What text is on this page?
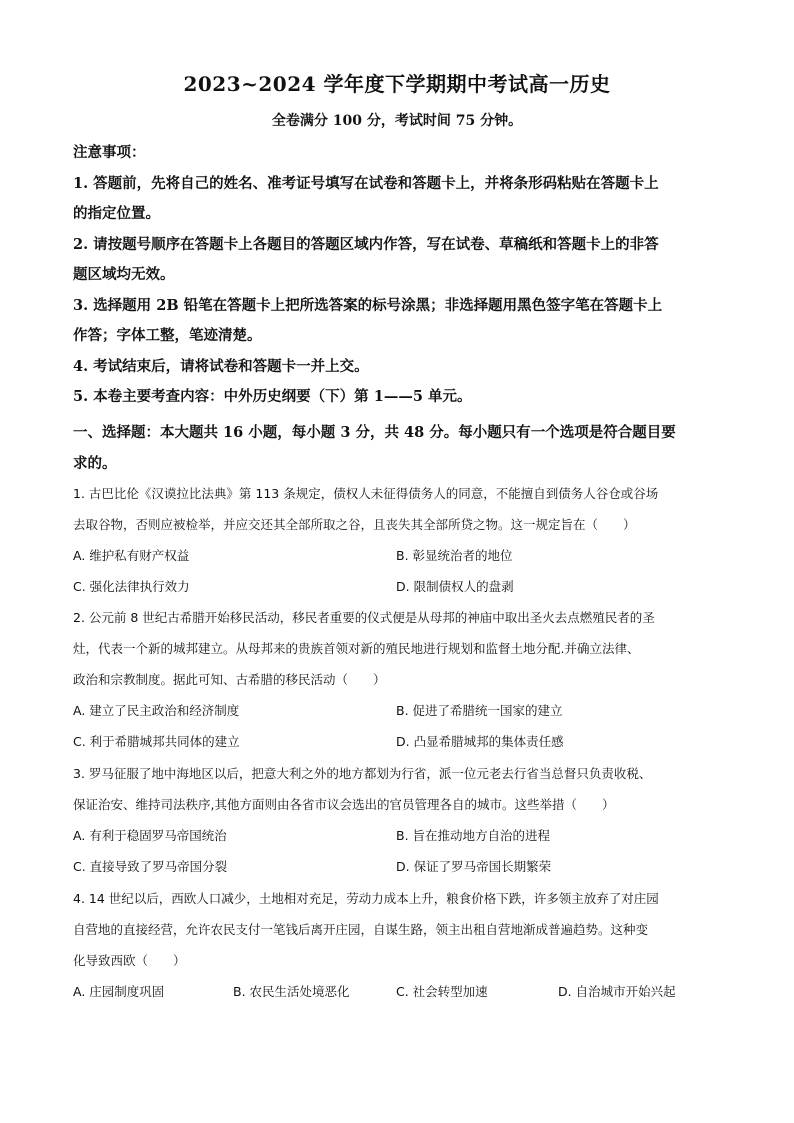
2023~2024 学年度下学期期中考试高一历史
全卷满分 100 分，考试时间 75 分钟。
注意事项：
1. 答题前，先将自己的姓名、准考证号填写在试卷和答题卡上，并将条形码粘贴在答题卡上
的指定位置。
2. 请按题号顺序在答题卡上各题目的答题区域内作答，写在试卷、草稿纸和答题卡上的非答
题区域均无效。
3. 选择题用 2B 铅笔在答题卡上把所选答案的标号涂黑；非选择题用黑色签字笔在答题卡上
作答；字体工整，笔迹清楚。
4. 考试结束后，请将试卷和答题卡一并上交。
5. 本卷主要考查内容：中外历史纲要（下）第 1——5 单元。
一、选择题：本大题共 16 小题，每小题 3 分，共 48 分。每小题只有一个选项是符合题目要
求的。
1. 古巴比伦《汉谟拉比法典》第 113 条规定，债权人未征得债务人的同意，不能擅自到债务人谷仓或谷场
去取谷物，否则应被检举，并应交还其全部所取之谷，且丧失其全部所贷之物。这一规定旨在（　　）
A. 维护私有财产权益	B. 彰显统治者的地位
C. 强化法律执行效力	D. 限制债权人的盘剥
2. 公元前 8 世纪古希腊开始移民活动，移民者重要的仪式便是从母邦的神庙中取出圣火去点燃殖民者的圣
灶，代表一个新的城邦建立。从母邦来的贵族首领对新的殖民地进行规划和监督土地分配.并确立法律、
政治和宗教制度。据此可知、古希腊的移民活动（　　）
A. 建立了民主政治和经济制度	B. 促进了希腊统一国家的建立
C. 利于希腊城邦共同体的建立	D. 凸显希腊城邦的集体责任感
3. 罗马征服了地中海地区以后，把意大利之外的地方都划为行省，派一位元老去行省当总督只负责收税、
保证治安、维持司法秩序,其他方面则由各省市议会选出的官员管理各自的城市。这些举措（　　）
A. 有利于稳固罗马帝国统治	B. 旨在推动地方自治的进程
C. 直接导致了罗马帝国分裂	D. 保证了罗马帝国长期繁荣
4. 14 世纪以后，西欧人口减少，土地相对充足，劳动力成本上升，粮食价格下跌，许多领主放弃了对庄园
自营地的直接经营，允许农民支付一笔钱后离开庄园，自谋生路，领主出租自营地渐成普遍趋势。这种变
化导致西欧（　　）
A. 庄园制度巩固	B. 农民生活处境恶化	C. 社会转型加速	D. 自治城市开始兴起
